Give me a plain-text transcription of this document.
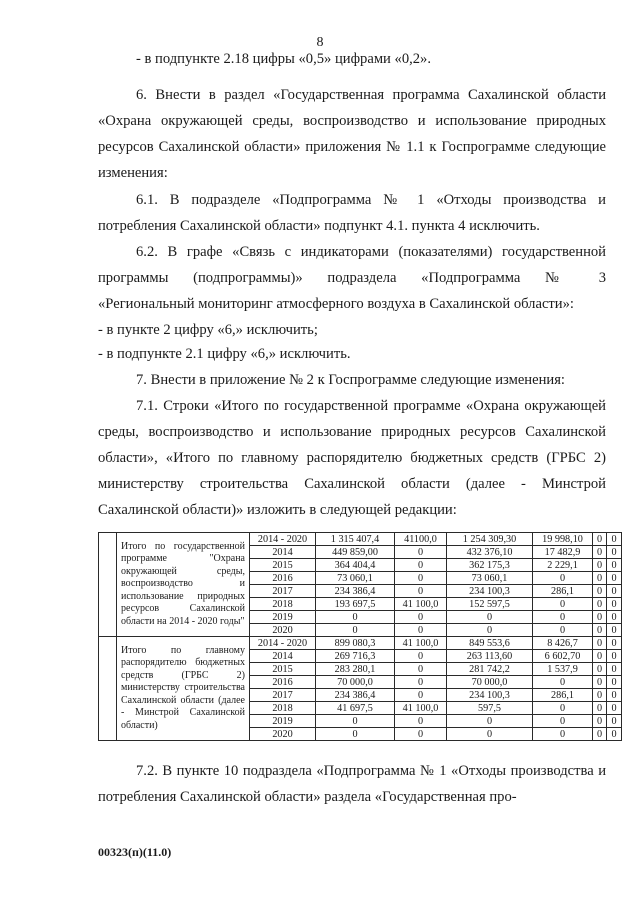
8
- в подпункте 2.18 цифры «0,5» цифрами «0,2».
6. Внести в раздел «Государственная программа Сахалинской области «Охрана окружающей среды, воспроизводство и использование природных ресурсов Сахалинской области» приложения № 1.1 к Госпрограмме следующие изменения:
6.1. В подразделе «Подпрограмма № 1 «Отходы производства и потребления Сахалинской области» подпункт 4.1. пункта 4 исключить.
6.2. В графе «Связь с индикаторами (показателями) государственной
программы (подпрограммы)» подраздела «Подпрограмма № 3
«Региональный мониторинг атмосферного воздуха в Сахалинской области»:
- в пункте 2 цифру «6,» исключить;
- в подпункте 2.1 цифру «6,» исключить.
7. Внести в приложение № 2 к Госпрограмме следующие изменения:
7.1. Строки «Итого по государственной программе «Охрана окружающей среды, воспроизводство и использование природных ресурсов Сахалинской области», «Итого по главному распорядителю бюджетных средств (ГРБС 2) министерству строительства Сахалинской области (далее - Минстрой Сахалинской области)» изложить в следующей редакции:
	Итого по государственной программе "Охрана окружающей среды, воспроизводство и использование природных ресурсов Сахалинской области на 2014 - 2020 годы"	2014 - 2020	1 315 407,4	41100,0	1 254 309,30	19 998,10	0	0
		2014	449 859,00	0	432 376,10	17 482,9	0	0
		2015	364 404,4	0	362 175,3	2 229,1	0	0
		2016	73 060,1	0	73 060,1	0	0	0
		2017	234 386,4	0	234 100,3	286,1	0	0
		2018	193 697,5	41 100,0	152 597,5	0	0	0
		2019	0	0	0	0	0	0
		2020	0	0	0	0	0	0
	Итого по главному распорядителю бюджетных средств (ГРБС 2) министерству строительства Сахалинской области (далее - Минстрой Сахалинской области)	2014 - 2020	899 080,3	41 100,0	849 553,6	8 426,7	0	0
		2014	269 716,3	0	263 113,60	6 602,70	0	0
		2015	283 280,1	0	281 742,2	1 537,9	0	0
		2016	70 000,0	0	70 000,0	0	0	0
		2017	234 386,4	0	234 100,3	286,1	0	0
		2018	41 697,5	41 100,0	597,5	0	0	0
		2019	0	0	0	0	0	0
		2020	0	0	0	0	0	0
7.2. В пункте 10 подраздела «Подпрограмма № 1 «Отходы производства и потребления Сахалинской области» раздела «Государственная про-
00323(п)(11.0)
